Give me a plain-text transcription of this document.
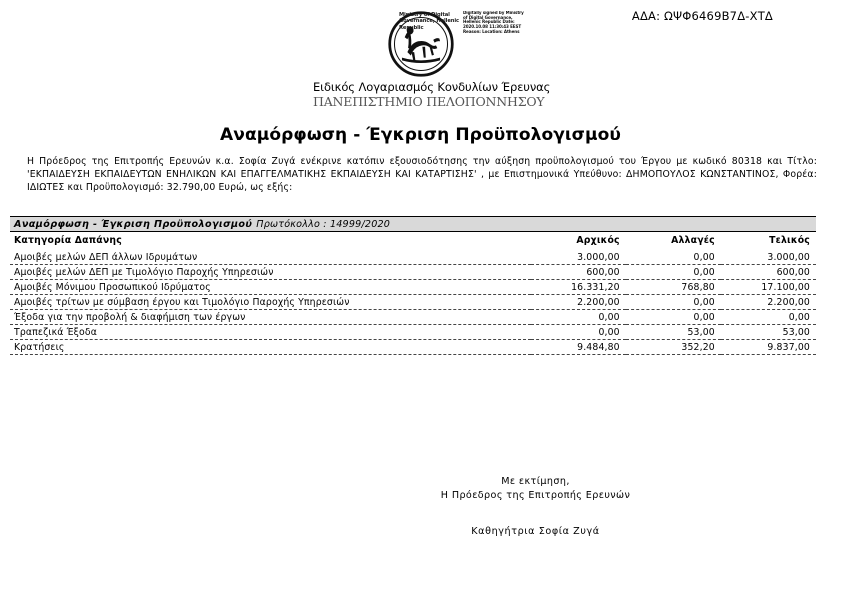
ΑΔΑ: ΩΨΦ6469Β7Δ-ΧΤΔ
Ministry of Digital Governance, Hellenic Republic
Digitally signed by Ministry of Digital Governance, Hellenic Republic Date: 2020.10.08 11:30:43 EEST Reason: Location: Athens
Ειδικός Λογαριασμός Κονδυλίων Έρευνας
ΠΑΝΕΠΙΣΤΗΜΙΟ ΠΕΛΟΠΟΝΝΗΣΟΥ
Αναμόρφωση - Έγκριση Προϋπολογισμού
Η Πρόεδρος της Επιτροπής Ερευνών κ.α. Σοφία Ζυγά ενέκρινε κατόπιν εξουσιοδότησης την αύξηση προϋπολογισμού του Έργου με κωδικό 80318 και Τίτλο: 'ΕΚΠΑΙΔΕΥΣΗ ΕΚΠΑΙΔΕΥΤΩΝ ΕΝΗΛΙΚΩΝ ΚΑΙ ΕΠΑΓΓΕΛΜΑΤΙΚΗΣ ΕΚΠΑΙΔΕΥΣΗ ΚΑΙ ΚΑΤΑΡΤΙΣΗΣ' , με Επιστημονικά Υπεύθυνο: ΔΗΜΟΠΟΥΛΟΣ ΚΩΝΣΤΑΝΤΙΝΟΣ, Φορέα: ΙΔΙΩΤΕΣ και Προϋπολογισμό: 32.790,00 Ευρώ, ως εξής:
Αναμόρφωση - Έγκριση Προϋπολογισμού Πρωτόκολλο : 14999/2020
Κατηγορία Δαπάνης	Αρχικός	Αλλαγές	Τελικός
Αμοιβές μελών ΔΕΠ άλλων Ιδρυμάτων	3.000,00	0,00	3.000,00
Αμοιβές μελών ΔΕΠ με Τιμολόγιο Παροχής Υπηρεσιών	600,00	0,00	600,00
Αμοιβές Μόνιμου Προσωπικού Ιδρύματος	16.331,20	768,80	17.100,00
Αμοιβές τρίτων με σύμβαση έργου και Τιμολόγιο Παροχής Υπηρεσιών	2.200,00	0,00	2.200,00
Έξοδα για την προβολή & διαφήμιση των έργων	0,00	0,00	0,00
Τραπεζικά Έξοδα	0,00	53,00	53,00
Κρατήσεις	9.484,80	352,20	9.837,00
Με εκτίμηση,
Η Πρόεδρος της Επιτροπής Ερευνών
Καθηγήτρια Σοφία Ζυγά
